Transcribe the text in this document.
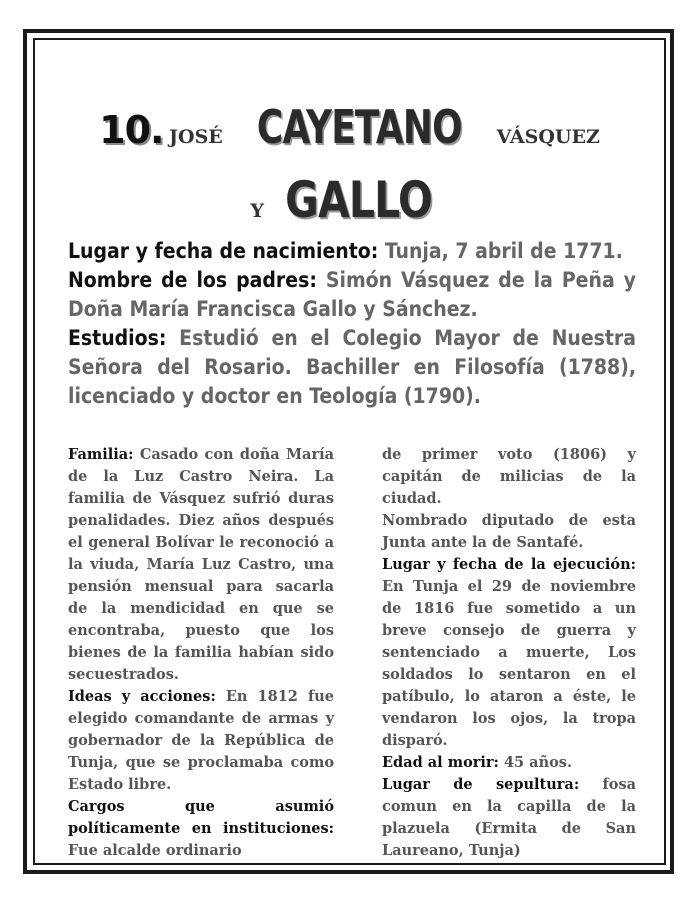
10. JOSÉ CAYETANO VÁSQUEZ
Y GALLO

Lugar y fecha de nacimiento: Tunja, 7 abril de 1771.

Nombre de los padres: Simón Vásquez de la Peña y Doña María Francisca Gallo y Sánchez.

Estudios: Estudió en el Colegio Mayor de Nuestra Señora del Rosario. Bachiller en Filosofía (1788), licenciado y doctor en Teología (1790).

Familia: Casado con doña María de la Luz Castro Neira. La familia de Vásquez sufrió duras penalidades. Diez años después el general Bolívar le reconoció a la viuda, María Luz Castro, una pensión mensual para sacarla de la mendicidad en que se encontraba, puesto que los bienes de la familia habían sido secuestrados.

Ideas y acciones: En 1812 fue elegido comandante de armas y gobernador de la República de Tunja, que se proclamaba como Estado libre.

Cargos que asumió políticamente en instituciones: Fue alcalde ordinario

de primer voto (1806) y capitán de milicias de la ciudad.

Nombrado diputado de esta Junta ante la de Santafé.

Lugar y fecha de la ejecución: En Tunja el 29 de noviembre de 1816 fue sometido a un breve consejo de guerra y sentenciado a muerte, Los soldados lo sentaron en el patíbulo, lo ataron a éste, le vendaron los ojos, la tropa disparó.

Edad al morir: 45 años.

Lugar de sepultura: fosa comun en la capilla de la plazuela (Ermita de San Laureano, Tunja)
